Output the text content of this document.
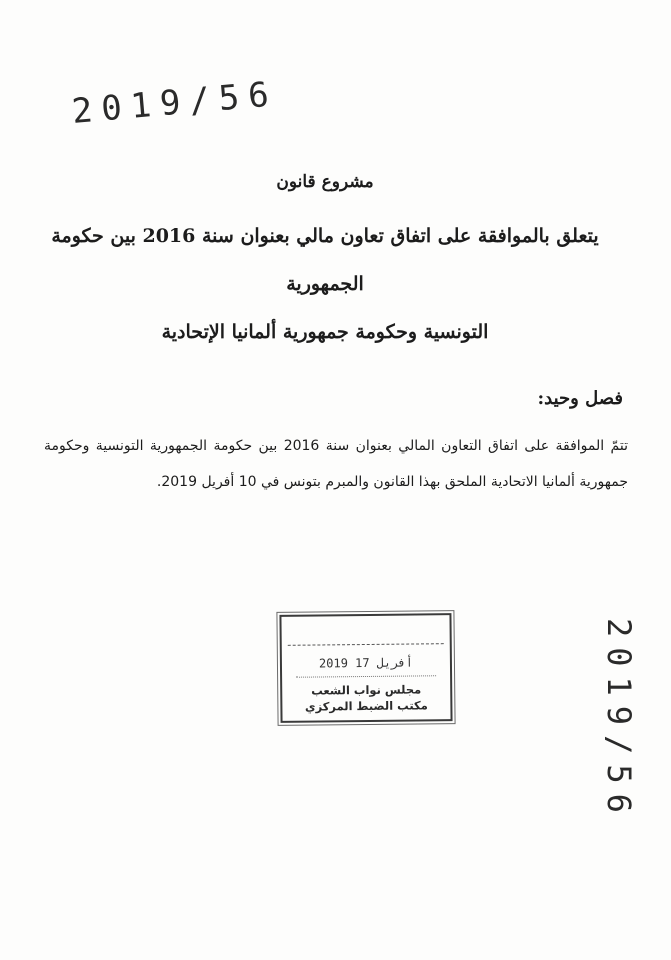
2019/56
مشروع قانون
يتعلق بالموافقة على اتفاق تعاون مالي بعنوان سنة 2016 بين حكومة الجمهورية
التونسية وحكومة جمهورية ألمانيا الإتحادية
فصل وحيد:
تتمّ الموافقة على اتفاق التعاون المالي بعنوان سنة 2016 بين حكومة الجمهورية التونسية وحكومة جمهورية ألمانيا الاتحادية الملحق بهذا القانون والمبرم بتونس في 10 أفريل 2019.
2019 أفريل 17
مجلس نواب الشعب
مكتب الضبط المركزي	2019/56
